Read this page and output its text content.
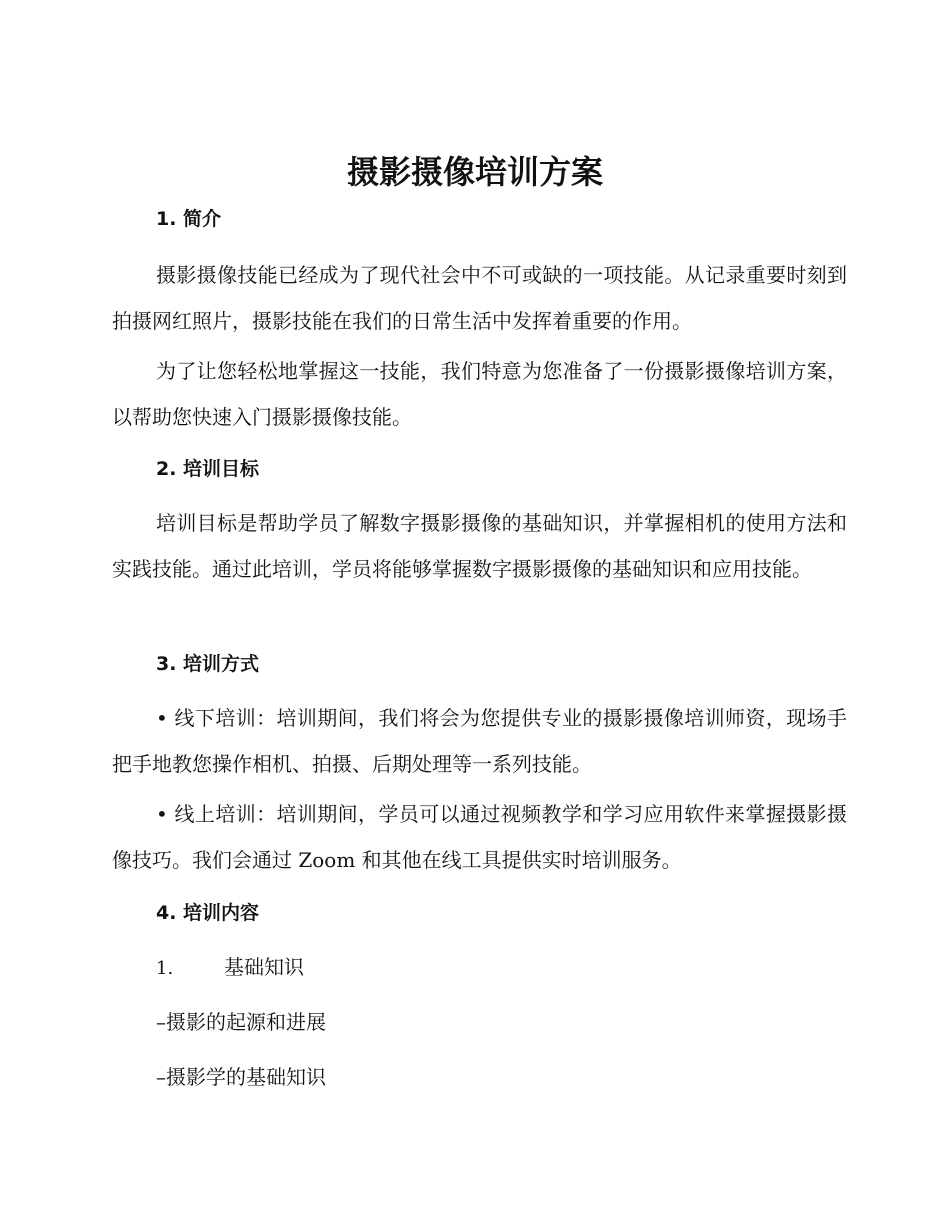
摄影摄像培训方案
1. 简介

摄影摄像技能已经成为了现代社会中不可或缺的一项技能。从记录重要时刻到拍摄网红照片，摄影技能在我们的日常生活中发挥着重要的作用。

为了让您轻松地掌握这一技能，我们特意为您准备了一份摄影摄像培训方案，以帮助您快速入门摄影摄像技能。

2. 培训目标

培训目标是帮助学员了解数字摄影摄像的基础知识，并掌握相机的使用方法和实践技能。通过此培训，学员将能够掌握数字摄影摄像的基础知识和应用技能。

3. 培训方式

• 线下培训：培训期间，我们将会为您提供专业的摄影摄像培训师资，现场手把手地教您操作相机、拍摄、后期处理等一系列技能。

• 线上培训：培训期间，学员可以通过视频教学和学习应用软件来掌握摄影摄像技巧。我们会通过 Zoom 和其他在线工具提供实时培训服务。

4. 培训内容
1.	基础知识
–摄影的起源和进展
–摄影学的基础知识
